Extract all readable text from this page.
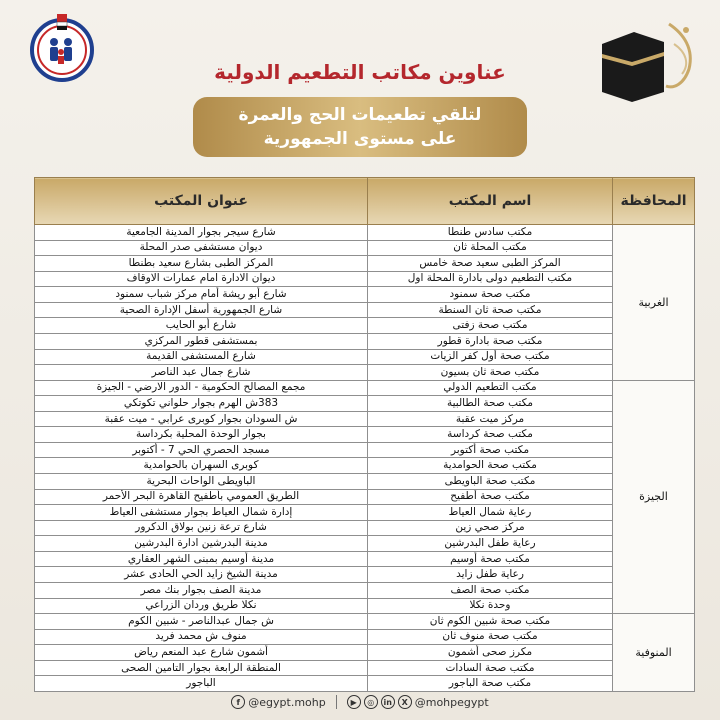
عناوين مكاتب التطعيم الدولية
لتلقي تطعيمات الحج والعمرة
على مستوى الجمهورية
المحافظة	اسم المكتب	عنوان المكتب
الغربية	مكتب سادس طنطا	شارع سيجر بجوار المدينة الجامعية
	مكتب المحلة ثان	ديوان مستشفى صدر المحلة
	المركز الطبى سعيد صحة خامس	المركز الطبى بشارع سعيد بطنطا
	مكتب التطعيم دولى بادارة المحلة اول	ديوان الادارة امام عمارات الاوقاف
	مكتب صحة سمنود	شارع أبو ريشة أمام مركز شباب سمنود
	مكتب صحة ثان السنطة	شارع الجمهورية أسفل الإدارة الصحية
	مكتب صحة زفتى	شارع أبو الحايب
	مكتب صحة بادارة قطور	بمستشفى قطور المركزي
	مكتب صحة أول كفر الزيات	شارع المستشفى القديمة
	مكتب صحة ثان بسيون	شارع جمال عبد الناصر
الجيزة	مكتب التطعيم الدولي	مجمع المصالح الحكومية - الدور الارضي - الجيزة
	مكتب صحة الطالبية	383ش الهرم بجوار حلواني تكوتكي
	مركز ميت عقبة	ش السودان بجوار كوبرى عرابي - ميت عقبة
	مكتب صحة كرداسة	بجوار الوحدة المحلية بكرداسة
	مكتب صحة أكتوبر	مسجد الحصري الحي 7 - أكتوبر
	مكتب صحة الحوامدية	كوبرى السهران بالحوامدية
	مكتب صحة الباويطى	الباويطى الواحات البحرية
	مكتب صحة أطفيح	الطريق العمومي بأطفيح القاهرة البحر الأحمر
	رعاية شمال العياط	إدارة شمال العياط بجوار مستشفى العياط
	مركز صحي زين	شارع ترعة زنين بولاق الدكرور
	رعاية طفل البدرشين	مدينة البدرشين ادارة البدرشين
	مكتب صحة أوسيم	مدينة أوسيم بمبنى الشهر العقاري
	رعاية طفل زايد	مدينة الشيخ زايد الحي الحادى عشر
	مكتب صحة الصف	مدينة الصف بجوار بنك مصر
	وحدة نكلا	نكلا طريق وردان الزراعي
المنوفية	مكتب صحة شبين الكوم ثان	ش جمال عبدالناصر - شبين الكوم
	مكتب صحة منوف ثان	منوف ش محمد فريد
	مكرز صحى أشمون	أشمون شارع عبد المنعم رياض
	مكتب صحة السادات	المنطقة الرابعة بجوار التامين الصحى
	مكتب صحة الباجور	الباجور
f @egypt.mohp	▶	◎	in	X @mohpegypt
